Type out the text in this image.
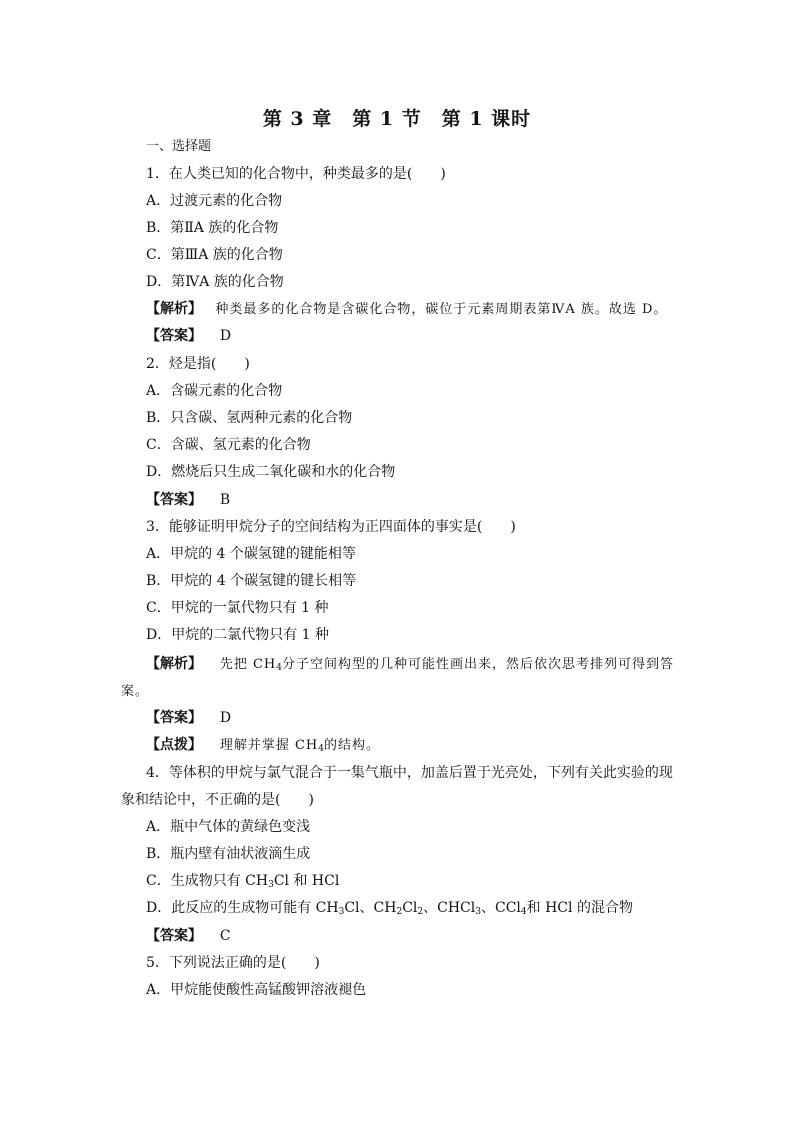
第 3 章　第 1 节　第 1 课时
一、选择题
1．在人类已知的化合物中，种类最多的是(　　)
A．过渡元素的化合物
B．第ⅡA 族的化合物
C．第ⅢA 族的化合物
D．第ⅣA 族的化合物
【解析】 种类最多的化合物是含碳化合物，碳位于元素周期表第ⅣA 族。故选 D。
【答案】 D
2．烃是指(　　)
A．含碳元素的化合物
B．只含碳、氢两种元素的化合物
C．含碳、氢元素的化合物
D．燃烧后只生成二氧化碳和水的化合物
【答案】 B
3．能够证明甲烷分子的空间结构为正四面体的事实是(　　)
A．甲烷的 4 个碳氢键的键能相等
B．甲烷的 4 个碳氢键的键长相等
C．甲烷的一氯代物只有 1 种
D．甲烷的二氯代物只有 1 种
【解析】 先把 $CH_4$分子空间构型的几种可能性画出来，然后依次思考排列可得到答
案。
【答案】 D
【点拨】 理解并掌握 $CH_4$的结构。
4．等体积的甲烷与氯气混合于一集气瓶中，加盖后置于光亮处，下列有关此实验的现
象和结论中，不正确的是(　　)
A．瓶中气体的黄绿色变浅
B．瓶内壁有油状液滴生成
C．生成物只有 $CH_3Cl$ 和 HCl
D．此反应的生成物可能有 $CH_3Cl$、$CH_2Cl_2$、CHCl$_3$、CCl$_4$和 HCl 的混合物
【答案】 C
5．下列说法正确的是(　　)
A．甲烷能使酸性高锰酸钾溶液褪色
